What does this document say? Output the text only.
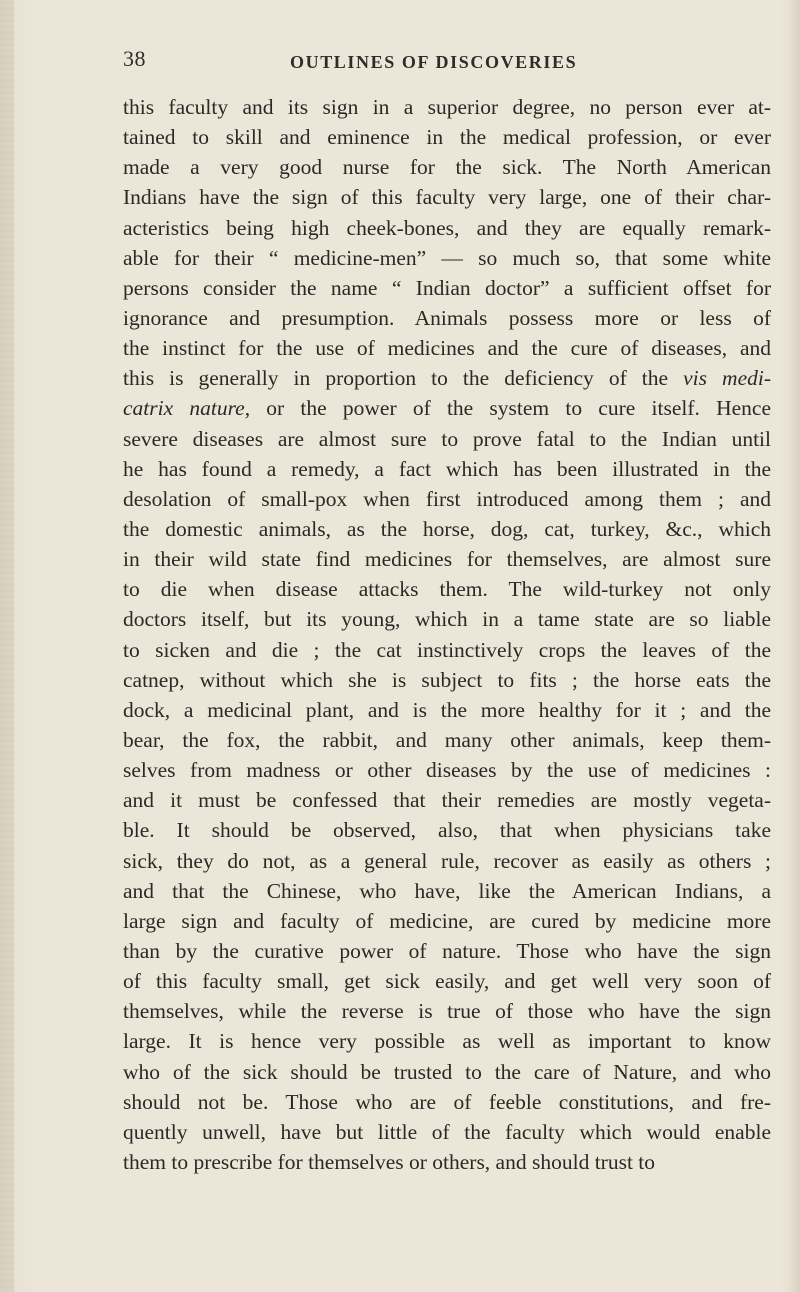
38	OUTLINES OF DISCOVERIES
this faculty and its sign in a superior degree, no person ever at-
tained to skill and eminence in the medical profession, or ever
made a very good nurse for the sick. The North American
Indians have the sign of this faculty very large, one of their char-
acteristics being high cheek-bones, and they are equally remark-
able for their “ medicine-men” — so much so, that some white
persons consider the name “ Indian doctor” a sufficient offset for
ignorance and presumption. Animals possess more or less of
the instinct for the use of medicines and the cure of diseases, and
this is generally in proportion to the deficiency of the vis medi-
catrix nature, or the power of the system to cure itself. Hence
severe diseases are almost sure to prove fatal to the Indian until
he has found a remedy, a fact which has been illustrated in the
desolation of small-pox when first introduced among them ; and
the domestic animals, as the horse, dog, cat, turkey, &c., which
in their wild state find medicines for themselves, are almost sure
to die when disease attacks them. The wild-turkey not only
doctors itself, but its young, which in a tame state are so liable
to sicken and die ; the cat instinctively crops the leaves of the
catnep, without which she is subject to fits ; the horse eats the
dock, a medicinal plant, and is the more healthy for it ; and the
bear, the fox, the rabbit, and many other animals, keep them-
selves from madness or other diseases by the use of medicines :
and it must be confessed that their remedies are mostly vegeta-
ble. It should be observed, also, that when physicians take
sick, they do not, as a general rule, recover as easily as others ;
and that the Chinese, who have, like the American Indians, a
large sign and faculty of medicine, are cured by medicine more
than by the curative power of nature. Those who have the sign
of this faculty small, get sick easily, and get well very soon of
themselves, while the reverse is true of those who have the sign
large. It is hence very possible as well as important to know
who of the sick should be trusted to the care of Nature, and who
should not be. Those who are of feeble constitutions, and fre-
quently unwell, have but little of the faculty which would enable
them to prescribe for themselves or others, and should trust to
